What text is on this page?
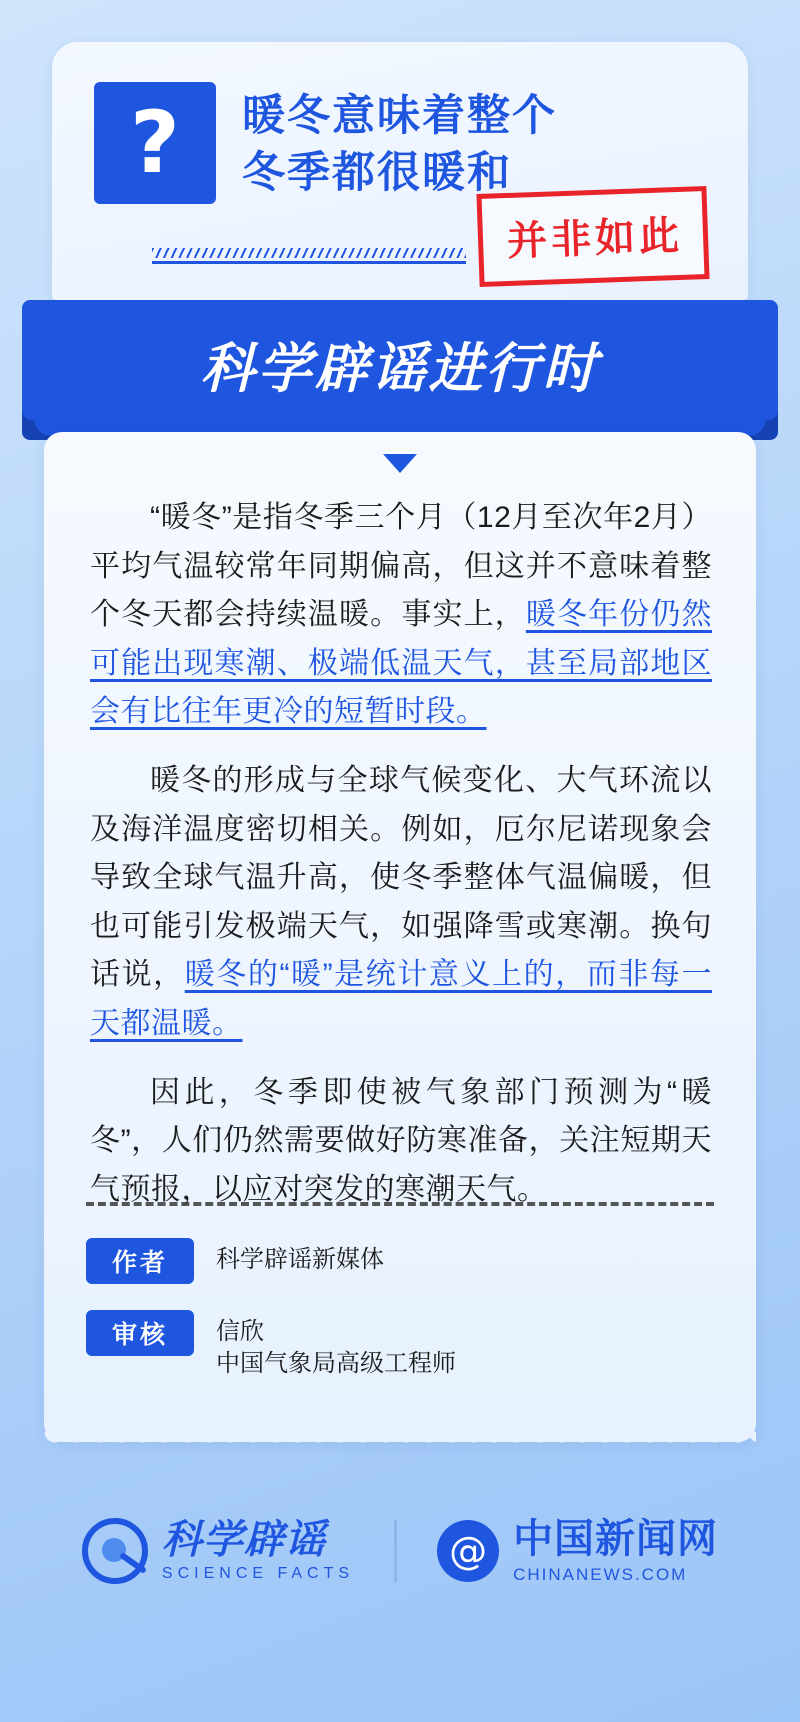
?	暖冬意味着整个
冬季都很暖和
并非如此
科学辟谣进行时

“暖冬”是指冬季三个月（12月至次年2月）平均气温较常年同期偏高，但这并不意味着整个冬天都会持续温暖。事实上，暖冬年份仍然可能出现寒潮、极端低温天气，甚至局部地区会有比往年更冷的短暂时段。

暖冬的形成与全球气候变化、大气环流以及海洋温度密切相关。例如，厄尔尼诺现象会导致全球气温升高，使冬季整体气温偏暖，但也可能引发极端天气，如强降雪或寒潮。换句话说，暖冬的“暖”是统计意义上的，而非每一天都温暖。

因此，冬季即使被气象部门预测为“暖冬”，人们仍然需要做好防寒准备，关注短期天气预报，以应对突发的寒潮天气。

作者	科学辟谣新媒体
审核	信欣
中国气象局高级工程师
科学辟谣
SCIENCE FACTS
@ 中国新闻网
CHINANEWS.COM
